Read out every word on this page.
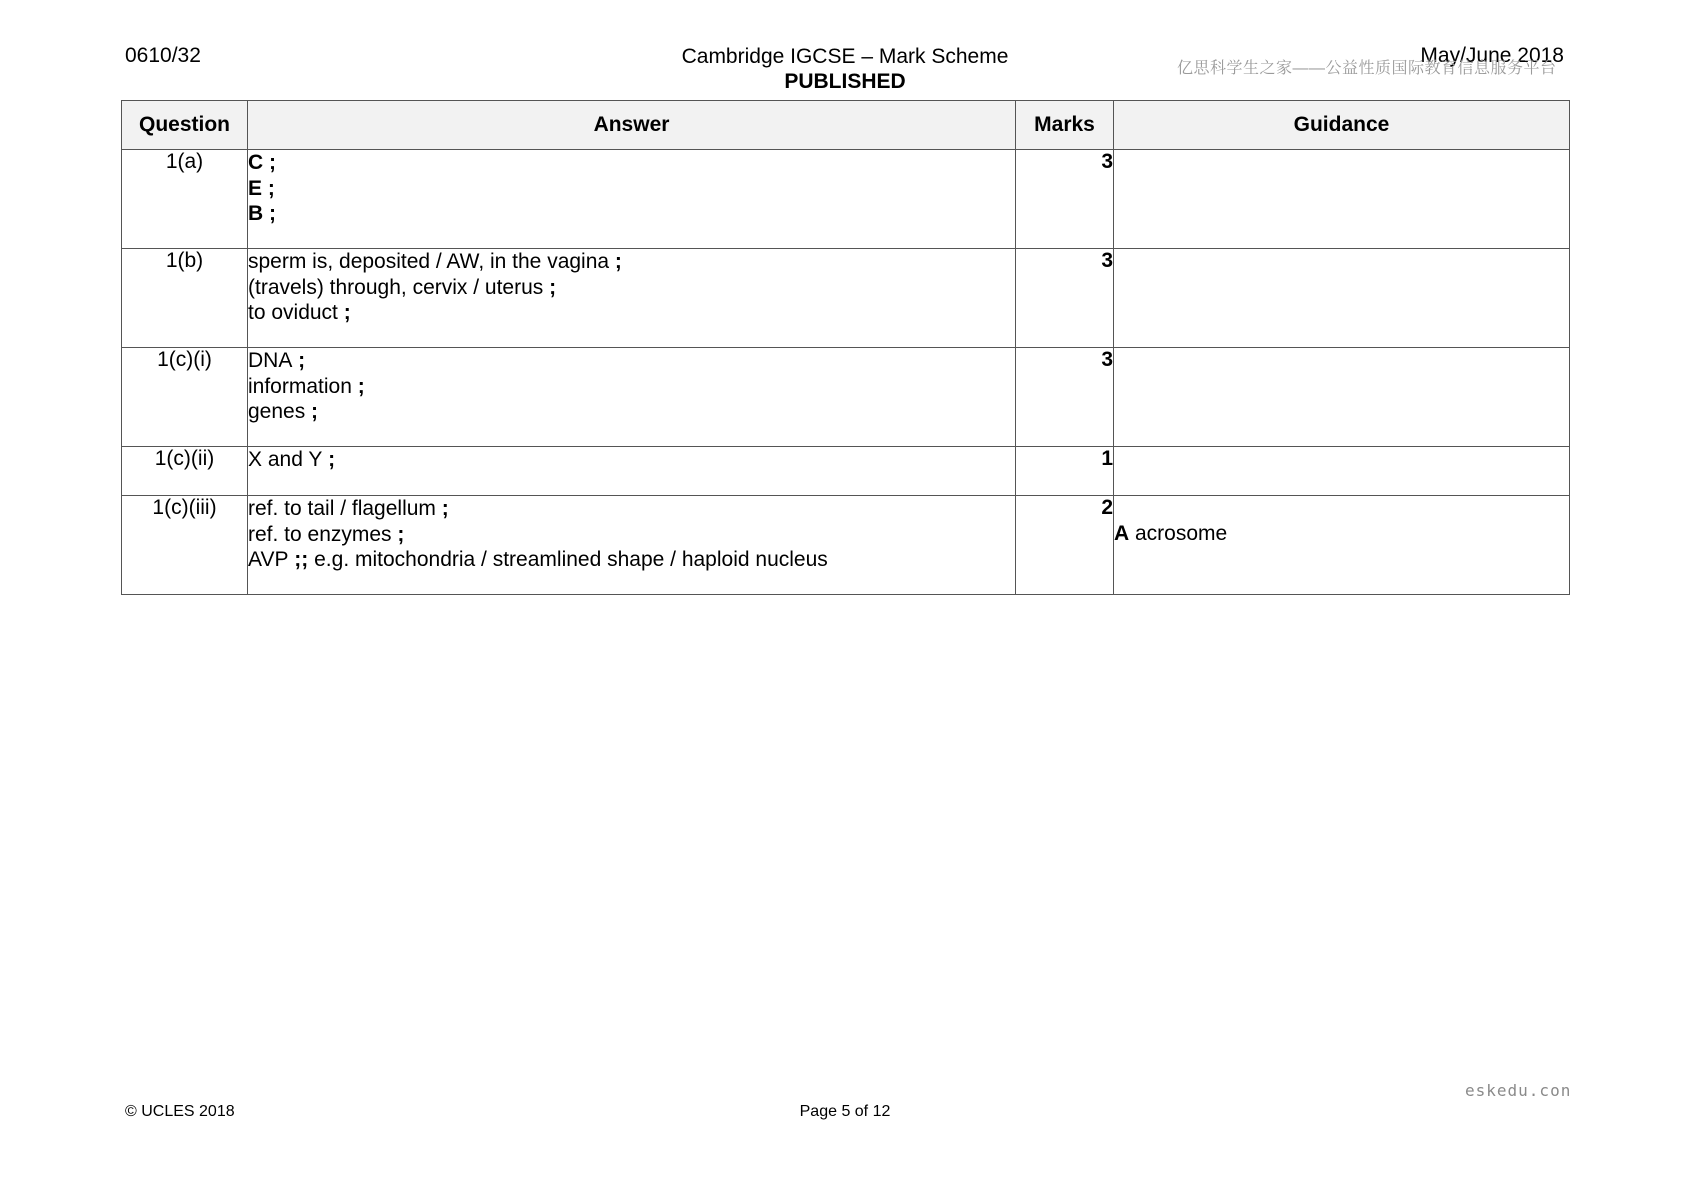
0610/32	Cambridge IGCSE – Mark Scheme
PUBLISHED
May/June 2018
亿思科学生之家——公益性质国际教育信息服务平台
Question	Answer	Marks	Guidance
1(a)	C ;
E ;
B ;	3	
1(b)	sperm is, deposited / AW, in the vagina ;
(travels) through, cervix / uterus ;
to oviduct ;	3	
1(c)(i)	DNA ;
information ;
genes ;	3	
1(c)(ii)	X and Y ;	1	
1(c)(iii)	ref. to tail / flagellum ;
ref. to enzymes ;
AVP ;; e.g. mitochondria / streamlined shape / haploid nucleus	2	A acrosome
eskedu.con
© UCLES 2018	Page 5 of 12
